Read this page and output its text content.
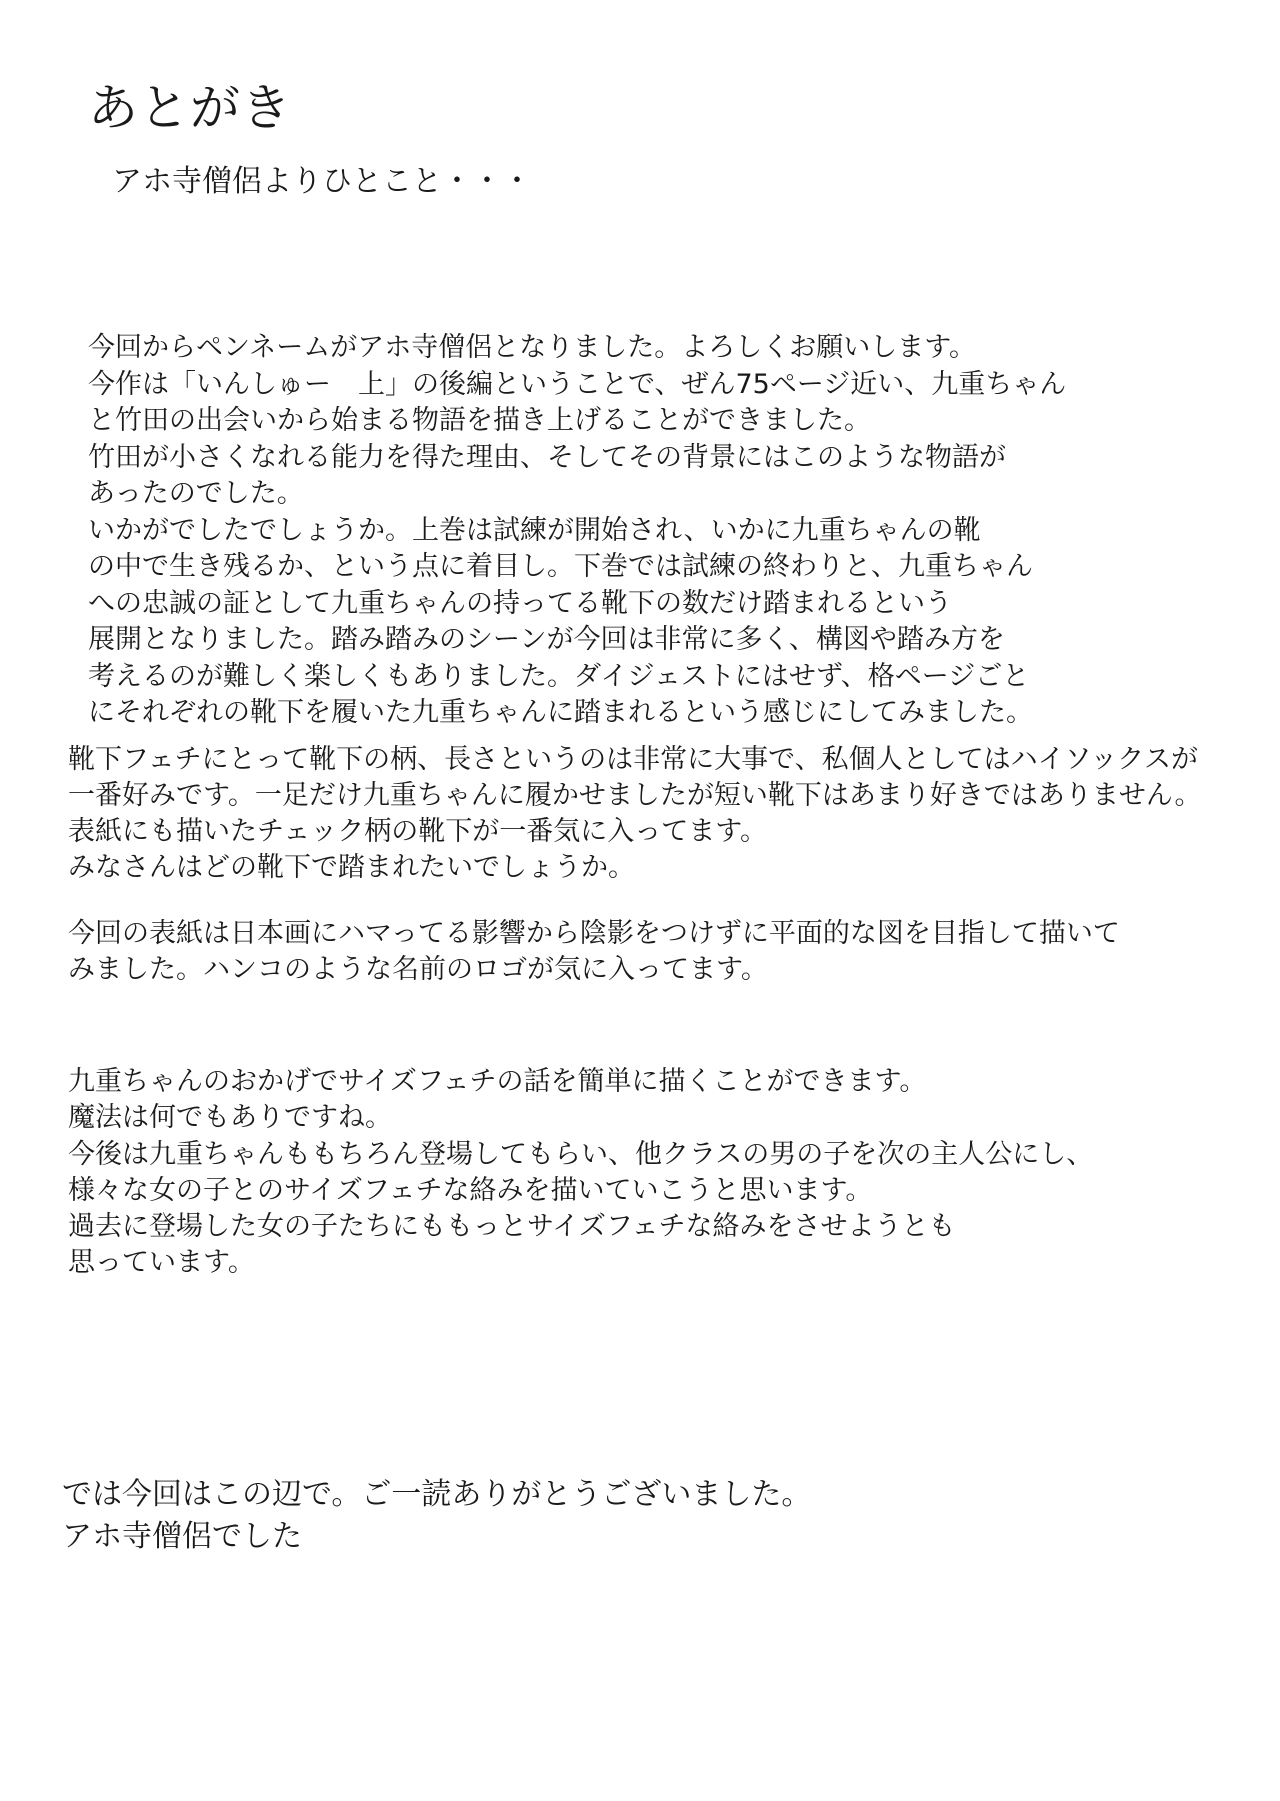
あとがき
アホ寺僧侶よりひとこと・・・
今回からペンネームがアホ寺僧侶となりました。よろしくお願いします。
今作は「いんしゅー　上」の後編ということで、ぜん75ページ近い、九重ちゃん
と竹田の出会いから始まる物語を描き上げることができました。
竹田が小さくなれる能力を得た理由、そしてその背景にはこのような物語が
あったのでした。
いかがでしたでしょうか。上巻は試練が開始され、いかに九重ちゃんの靴
の中で生き残るか、という点に着目し。下巻では試練の終わりと、九重ちゃん
への忠誠の証として九重ちゃんの持ってる靴下の数だけ踏まれるという
展開となりました。踏み踏みのシーンが今回は非常に多く、構図や踏み方を
考えるのが難しく楽しくもありました。ダイジェストにはせず、格ページごと
にそれぞれの靴下を履いた九重ちゃんに踏まれるという感じにしてみました。
靴下フェチにとって靴下の柄、長さというのは非常に大事で、私個人としてはハイソックスが
一番好みです。一足だけ九重ちゃんに履かせましたが短い靴下はあまり好きではありません。
表紙にも描いたチェック柄の靴下が一番気に入ってます。
みなさんはどの靴下で踏まれたいでしょうか。
今回の表紙は日本画にハマってる影響から陰影をつけずに平面的な図を目指して描いて
みました。ハンコのような名前のロゴが気に入ってます。
九重ちゃんのおかげでサイズフェチの話を簡単に描くことができます。
魔法は何でもありですね。
今後は九重ちゃんももちろん登場してもらい、他クラスの男の子を次の主人公にし、
様々な女の子とのサイズフェチな絡みを描いていこうと思います。
過去に登場した女の子たちにももっとサイズフェチな絡みをさせようとも
思っています。
では今回はこの辺で。ご一読ありがとうございました。
アホ寺僧侶でした
